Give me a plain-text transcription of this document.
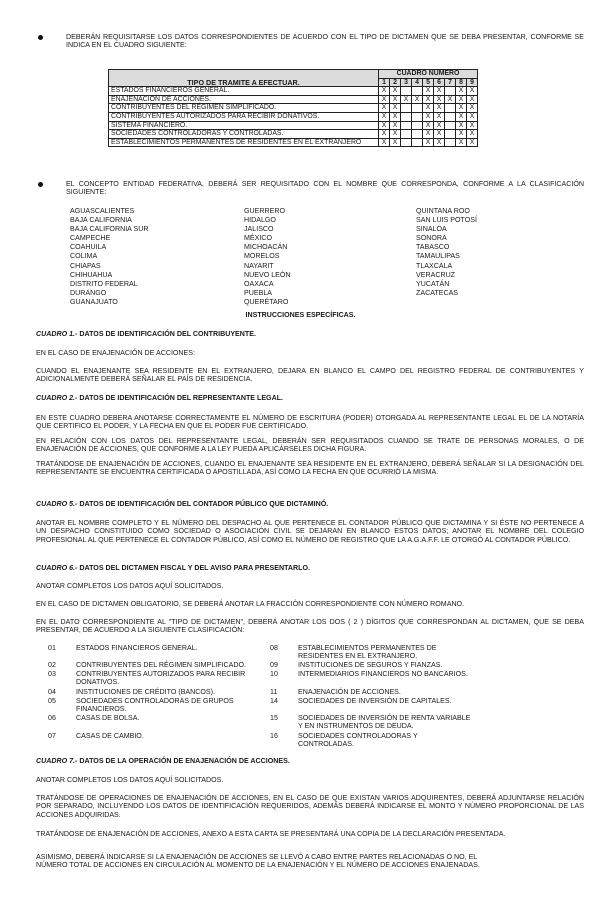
DEBERÁN REQUISITARSE LOS DATOS CORRESPONDIENTES DE ACUERDO CON EL TIPO DE DICTAMEN QUE SE DEBA PRESENTAR, CONFORME SE INDICA EN EL CUADRO SIGUIENTE:
TIPO DE TRAMITE A EFECTUAR.	CUADRO NUMERO								
	1	2	3	4	5	6	7	8	9
ESTADOS FINANCIEROS GENERAL.	X	X			X	X		X	X
ENAJENACION DE ACCIONES.	X	X	X	X	X	X	X	X	X
CONTRIBUYENTES DEL RÉGIMEN SIMPLIFICADO.	X	X			X	X		X	X
CONTRIBUYENTES AUTORIZADOS PARA RECIBIR DONATIVOS.	X	X			X	X		X	X
SISTEMA FINANCIERO.	X	X			X	X		X	X
SOCIEDADES CONTROLADORAS Y CONTROLADAS.	X	X			X	X		X	X
ESTABLECIMIENTOS PERMANENTES DE RESIDENTES EN EL EXTRANJERO	X	X			X	X		X	X
EL CONCEPTO ENTIDAD FEDERATIVA, DEBERÁ SER REQUISITADO CON EL NOMBRE QUE CORRESPONDA, CONFORME A LA CLASIFICACIÓN SIGUIENTE:
AGUASCALIENTES
BAJA CALIFORNIA
BAJA CALIFORNIA SUR
CAMPECHE
COAHUILA
COLIMA
CHIAPAS
CHIHUAHUA
DISTRITO FEDERAL
DURANGO
GUANAJUATO
GUERRERO
HIDALGO
JALISCO
MÉXICO
MICHOACÁN
MORELOS
NAYARIT
NUEVO LEÓN
OAXACA
PUEBLA
QUERÉTARO
QUINTANA ROO
SAN LUIS POTOSÍ
SINALOA
SONORA
TABASCO
TAMAULIPAS
TLAXCALA
VERACRUZ
YUCATÁN
ZACATECAS
INSTRUCCIONES ESPECÍFICAS.
CUADRO 1.- DATOS DE IDENTIFICACIÓN DEL CONTRIBUYENTE.
EN EL CASO DE ENAJENACIÓN DE ACCIONES:
CUANDO EL ENAJENANTE SEA RESIDENTE EN EL EXTRANJERO, DEJARA EN BLANCO EL CAMPO DEL REGISTRO FEDERAL DE CONTRIBUYENTES Y ADICIONALMENTE DEBERÁ SEÑALAR EL PAÍS DE RESIDENCIA.
CUADRO 2.- DATOS DE IDENTIFICACIÓN DEL REPRESENTANTE LEGAL.
EN ESTE CUADRO DEBERA ANOTARSE CORRECTAMENTE EL NÚMERO DE ESCRITURA (PODER) OTORGADA AL REPRESENTANTE LEGAL EL DE LA NOTARÍA QUE CERTIFICO EL PODER, Y LA FECHA EN QUE EL PODER FUE CERTIFICADO.
EN RELACIÓN CON LOS DATOS DEL REPRESENTANTE LEGAL, DEBERÁN SER REQUISITADOS CUANDO SE TRATE DE PERSONAS MORALES, O DE ENAJENACIÓN DE ACCIONES, QUE CONFORME A LA LEY PUEDA APLICÁRSELES DICHA FIGURA.
TRATÁNDOSE DE ENAJENACIÓN DE ACCIONES, CUANDO EL ENAJENANTE SEA RESIDENTE EN EL EXTRANJERO, DEBERÁ SEÑALAR SI LA DESIGNACIÓN DEL REPRESENTANTE SE ENCUENTRA CERTIFICADA O APOSTILLADA, ASÍ COMO LA FECHA EN QUE OCURRIÓ LA MISMA.
CUADRO 5.- DATOS DE IDENTIFICACIÓN DEL CONTADOR PÚBLICO QUE DICTAMINÓ.
ANOTAR EL NOMBRE COMPLETO Y EL NÚMERO DEL DESPACHO AL QUE PERTENECE EL CONTADOR PÚBLICO QUE DICTAMINA Y SI ÉSTE NO PERTENECE A UN DESPACHO CONSTITUIDO COMO SOCIEDAD O ASOCIACIÓN CIVIL SE DEJARAN EN BLANCO ESTOS DATOS; ANOTAR EL NOMBRE DEL COLEGIO PROFESIONAL AL QUE PERTENECE EL CONTADOR PÚBLICO, ASÍ COMO EL NÚMERO DE REGISTRO QUE LA A.G.A.F.F. LE OTORGÓ AL CONTADOR PÚBLICO.
CUADRO 6.- DATOS DEL DICTAMEN FISCAL Y DEL AVISO PARA PRESENTARLO.
ANOTAR COMPLETOS LOS DATOS AQUÍ SOLICITADOS.
EN EL CASO DE DICTAMEN OBLIGATORIO, SE DEBERÁ ANOTAR LA FRACCIÓN CORRESPONDIENTE CON NÚMERO ROMANO.
EN EL DATO CORRESPONDIENTE AL "TIPO DE DICTAMEN", DEBERÁ ANOTAR LOS DOS ( 2 ) DÍGITOS QUE CORRESPONDAN AL DICTAMEN, QUE SE DEBA PRESENTAR, DE ACUERDO A LA SIGUIENTE CLASIFICACIÓN:
01	ESTADOS FINANCIEROS GENERAL.
02	CONTRIBUYENTES DEL RÉGIMEN SIMPLIFICADO.
03	CONTRIBUYENTES AUTORIZADOS PARA RECIBIR DONATIVOS.
04	INSTITUCIONES DE CRÉDITO (BANCOS).
05	SOCIEDADES CONTROLADORAS DE GRUPOS FINANCIEROS.
06	CASAS DE BOLSA.
07	CASAS DE CAMBIO.
08	ESTABLECIMIENTOS PERMANENTES DE RESIDENTES EN EL EXTRANJERO.
09	INSTITUCIONES DE SEGUROS Y FIANZAS.
10	INTERMEDIARIOS FINANCIEROS NO BANCARIOS.
11	ENAJENACIÓN DE ACCIONES.
14	SOCIEDADES DE INVERSIÓN DE CAPITALES.
15	SOCIEDADES DE INVERSIÓN DE RENTA VARIABLE Y EN INSTRUMENTOS DE DEUDA.
16	SOCIEDADES CONTROLADORAS Y CONTROLADAS.
CUADRO 7.- DATOS DE LA OPERACIÓN DE ENAJENACIÓN DE ACCIONES.
ANOTAR COMPLETOS LOS DATOS AQUÍ SOLICITADOS.
TRATÁNDOSE DE OPERACIONES DE ENAJENACIÓN DE ACCIONES, EN EL CASO DE QUE EXISTAN VARIOS ADQUIRENTES, DEBERÁ ADJUNTARSE RELACIÓN POR SEPARADO, INCLUYENDO LOS DATOS DE IDENTIFICACIÓN REQUERIDOS, ADEMÁS DEBERÁ INDICARSE EL MONTO Y NÚMERO PROPORCIONAL DE LAS ACCIONES ADQUIRIDAS.
TRATÁNDOSE DE ENAJENACIÓN DE ACCIONES, ANEXO A ESTA CARTA SE PRESENTARÁ UNA COPIA DE LA DECLARACIÓN PRESENTADA.
ASIMISMO, DEBERÁ INDICARSE SI LA ENAJENACIÓN DE ACCIONES SE LLEVÓ A CABO ENTRE PARTES RELACIONADAS O NO, EL
NÚMERO TOTAL DE ACCIONES EN CIRCULACIÓN AL MOMENTO DE LA ENAJENACIÓN Y EL NÚMERO DE ACCIONES ENAJENADAS.
